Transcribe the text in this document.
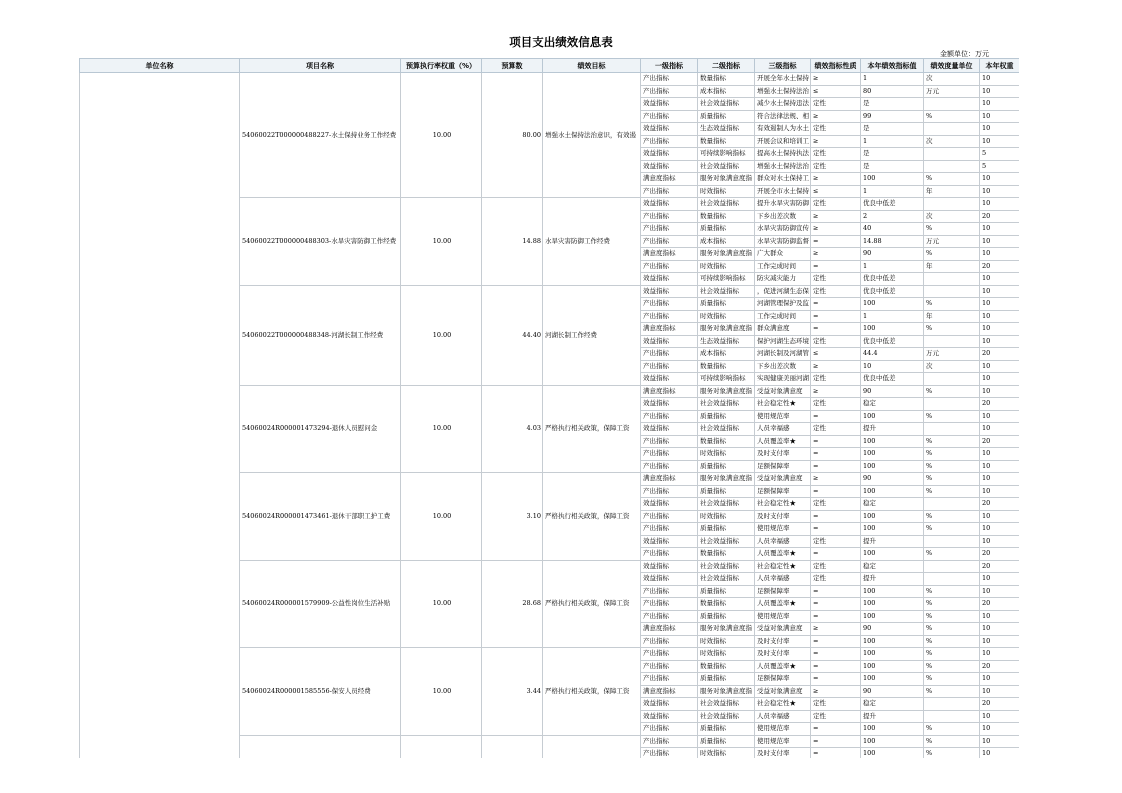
项目支出绩效信息表
金额单位：万元
单位名称	项目名称	预算执行率权重（%）	预算数	绩效目标	一级指标	二级指标	三级指标	绩效指标性质	本年绩效指标值	绩效度量单位	本年权重
	54060022T000000488227-水土保持业务工作经费	10.00	80.00	增强水土保持法治意识，有效遏	产出指标	数量指标	开展全年水土保持	≥	1	次	10
					产出指标	成本指标	增强水土保持法治	≤	80	万元	10
					效益指标	社会效益指标	减少水土保持违法	定性	是		10
					产出指标	质量指标	符合法律法规、相	≥	99	%	10
					效益指标	生态效益指标	有效遏制人为水土	定性	是		10
					产出指标	数量指标	开展会议和培训工	≥	1	次	10
					效益指标	可持续影响指标	提高水土保持执法	定性	是		5
					效益指标	社会效益指标	增强水土保持法治	定性	是		5
					满意度指标	服务对象满意度指	群众对水土保持工	≥	100	%	10
					产出指标	时效指标	开展全市水土保持	≤	1	年	10
	54060022T000000488303-水旱灾害防御工作经费	10.00	14.88	水旱灾害防御工作经费	效益指标	社会效益指标	提升水旱灾害防御	定性	优良中低差		10
					产出指标	数量指标	下乡出差次数	≥	2	次	20
					产出指标	质量指标	水旱灾害防御宣传	≥	40	%	10
					产出指标	成本指标	水旱灾害防御监督	=	14.88	万元	10
					满意度指标	服务对象满意度指	广大群众	≥	90	%	10
					产出指标	时效指标	工作完成时间	=	1	年	20
					效益指标	可持续影响指标	防灾减灾能力	定性	优良中低差		10
	54060022T000000488348-河湖长制工作经费	10.00	44.40	河湖长制工作经费	效益指标	社会效益指标	，促进河湖生态保	定性	优良中低差		10
					产出指标	质量指标	河湖管理保护及监	=	100	%	10
					产出指标	时效指标	工作完成时间	=	1	年	10
					满意度指标	服务对象满意度指	群众满意度	=	100	%	10
					效益指标	生态效益指标	保护河湖生态环境	定性	优良中低差		10
					产出指标	成本指标	河湖长制及河湖管	≤	44.4	万元	20
					产出指标	数量指标	下乡出差次数	≥	10	次	10
					效益指标	可持续影响指标	实现健康美丽河湖	定性	优良中低差		10
	54060024R000001473294-退休人员慰问金	10.00	4.03	严格执行相关政策，保障工资	满意度指标	服务对象满意度指	受益对象满意度	≥	90	%	10
					效益指标	社会效益指标	社会稳定性★	定性	稳定		20
					产出指标	质量指标	使用规范率	=	100	%	10
					效益指标	社会效益指标	人员幸福感	定性	提升		10
					产出指标	数量指标	人员覆盖率★	=	100	%	20
					产出指标	时效指标	及时支付率	=	100	%	10
					产出指标	质量指标	足额保障率	=	100	%	10
	54060024R000001473461-退休干部职工护工费	10.00	3.10	严格执行相关政策，保障工资	满意度指标	服务对象满意度指	受益对象满意度	≥	90	%	10
					产出指标	质量指标	足额保障率	=	100	%	10
					效益指标	社会效益指标	社会稳定性★	定性	稳定		20
					产出指标	时效指标	及时支付率	=	100	%	10
					产出指标	质量指标	使用规范率	=	100	%	10
					效益指标	社会效益指标	人员幸福感	定性	提升		10
					产出指标	数量指标	人员覆盖率★	=	100	%	20
	54060024R000001579909-公益性岗位生活补贴	10.00	28.68	严格执行相关政策，保障工资	效益指标	社会效益指标	社会稳定性★	定性	稳定		20
					效益指标	社会效益指标	人员幸福感	定性	提升		10
					产出指标	质量指标	足额保障率	=	100	%	10
					产出指标	数量指标	人员覆盖率★	=	100	%	20
					产出指标	质量指标	使用规范率	=	100	%	10
					满意度指标	服务对象满意度指	受益对象满意度	≥	90	%	10
					产出指标	时效指标	及时支付率	=	100	%	10
	54060024R000001585556-保安人员经费	10.00	3.44	严格执行相关政策，保障工资	产出指标	时效指标	及时支付率	=	100	%	10
					产出指标	数量指标	人员覆盖率★	=	100	%	20
					产出指标	质量指标	足额保障率	=	100	%	10
					满意度指标	服务对象满意度指	受益对象满意度	≥	90	%	10
					效益指标	社会效益指标	社会稳定性★	定性	稳定		20
					效益指标	社会效益指标	人员幸福感	定性	提升		10
					产出指标	质量指标	使用规范率	=	100	%	10
					产出指标	质量指标	使用规范率	=	100	%	10
					产出指标	时效指标	及时支付率	=	100	%	10
